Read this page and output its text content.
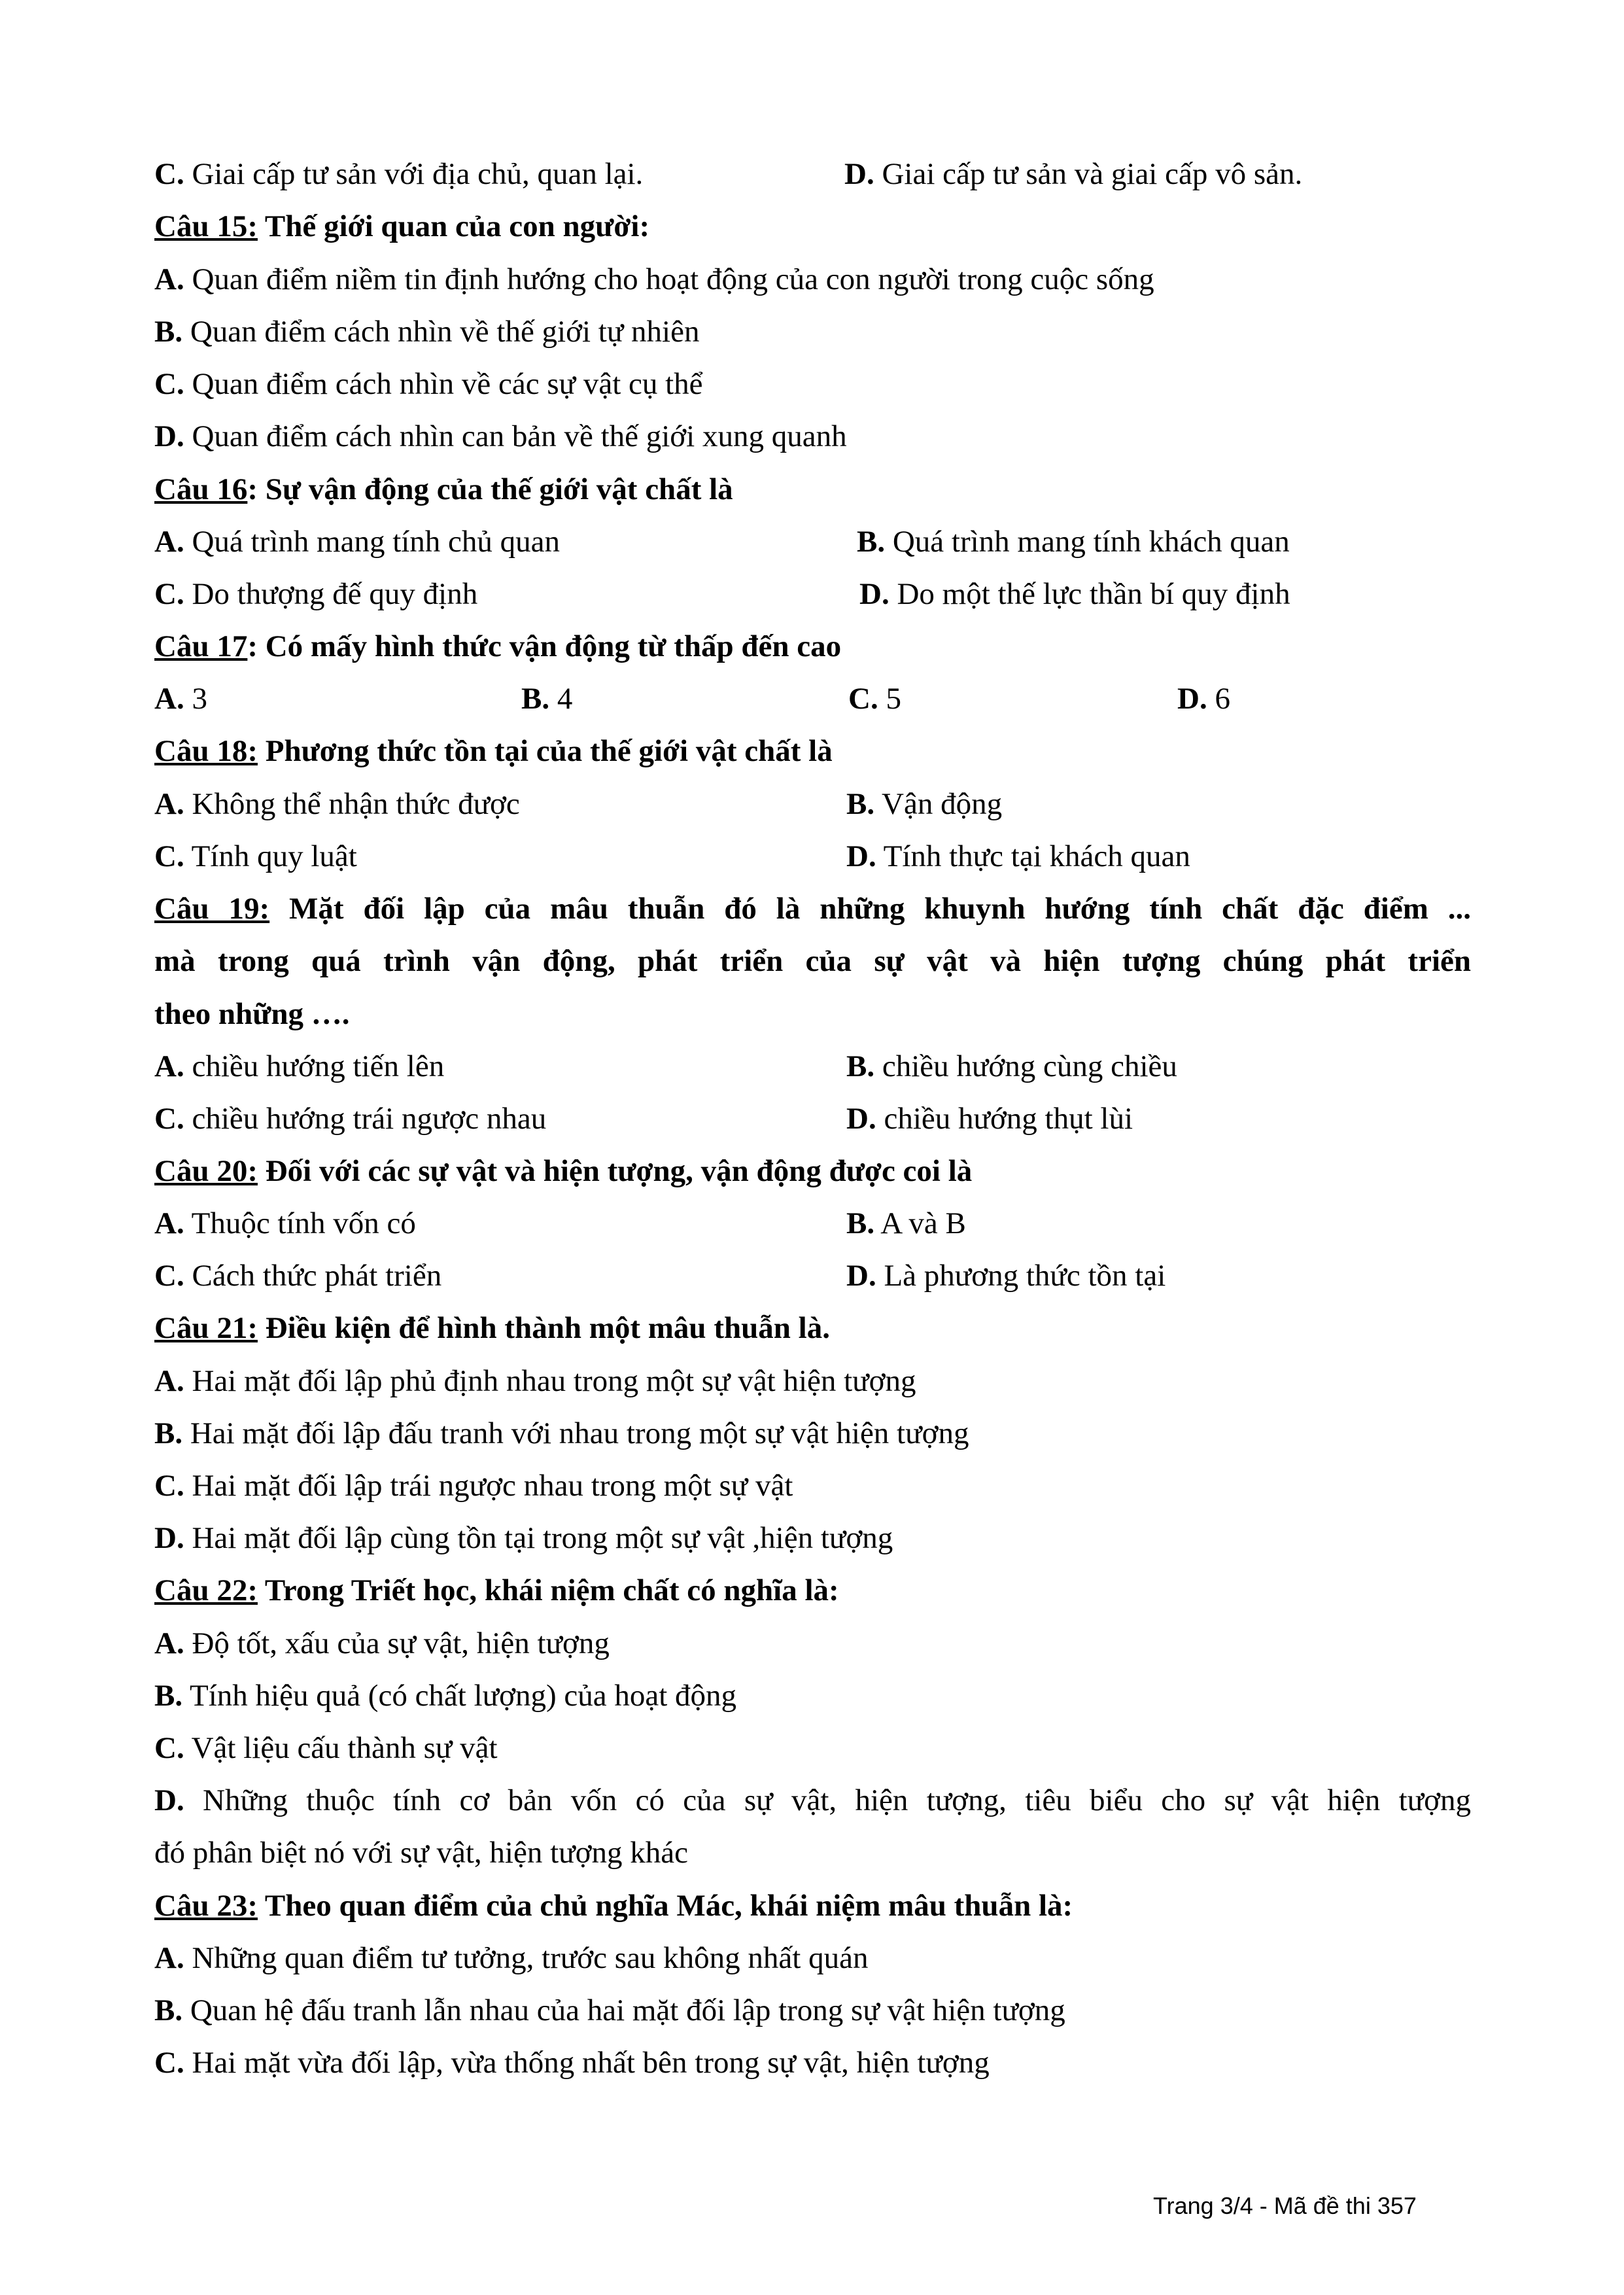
C. Giai cấp tư sản với địa chủ, quan lại.	D. Giai cấp tư sản và giai cấp vô sản.
Câu 15: Thế giới quan của con người:
A. Quan điểm niềm tin định hướng cho hoạt động của con người trong cuộc sống
B. Quan điểm cách nhìn về thế giới tự nhiên
C. Quan điểm cách nhìn về các sự vật cụ thể
D. Quan điểm cách nhìn can bản về thế giới xung quanh
Câu 16: Sự vận động của thế giới vật chất là
A. Quá trình mang tính chủ quan	B. Quá trình mang tính khách quan
C. Do thượng đế quy định	D. Do một thế lực thần bí quy định
Câu 17: Có mấy hình thức vận động từ thấp đến cao
A. 3	B. 4	C. 5	D. 6
Câu 18: Phương thức tồn tại của thế giới vật chất là
A. Không thể nhận thức được	B. Vận động
C. Tính quy luật	D. Tính thực tại khách quan
Câu 19: Mặt đối lập của mâu thuẫn đó là những khuynh hướng tính chất đặc điểm ...
mà trong quá trình vận động, phát triển của sự vật và hiện tượng chúng phát triển
theo những ….
A. chiều hướng tiến lên	B. chiều hướng cùng chiều
C. chiều hướng trái ngược nhau	D. chiều hướng thụt lùi
Câu 20: Đối với các sự vật và hiện tượng, vận động được coi là
A. Thuộc tính vốn có	B. A và B
C. Cách thức phát triển	D. Là phương thức tồn tại
Câu 21: Điều kiện để hình thành một mâu thuẫn là.
A. Hai mặt đối lập phủ định nhau trong một sự vật hiện tượng
B. Hai mặt đối lập đấu tranh với nhau trong một sự vật hiện tượng
C. Hai mặt đối lập trái ngược nhau trong một sự vật
D. Hai mặt đối lập cùng tồn tại trong một sự vật ,hiện tượng
Câu 22: Trong Triết học, khái niệm chất có nghĩa là:
A. Độ tốt, xấu của sự vật, hiện tượng
B. Tính hiệu quả (có chất lượng) của hoạt động
C. Vật liệu cấu thành sự vật
D. Những thuộc tính cơ bản vốn có của sự vật, hiện tượng, tiêu biểu cho sự vật hiện tượng
đó phân biệt nó với sự vật, hiện tượng khác
Câu 23: Theo quan điểm của chủ nghĩa Mác, khái niệm mâu thuẫn là:
A. Những quan điểm tư tưởng, trước sau không nhất quán
B. Quan hệ đấu tranh lẫn nhau của hai mặt đối lập trong sự vật hiện tượng
C. Hai mặt vừa đối lập, vừa thống nhất bên trong sự vật, hiện tượng
Trang 3/4 - Mã đề thi 357
